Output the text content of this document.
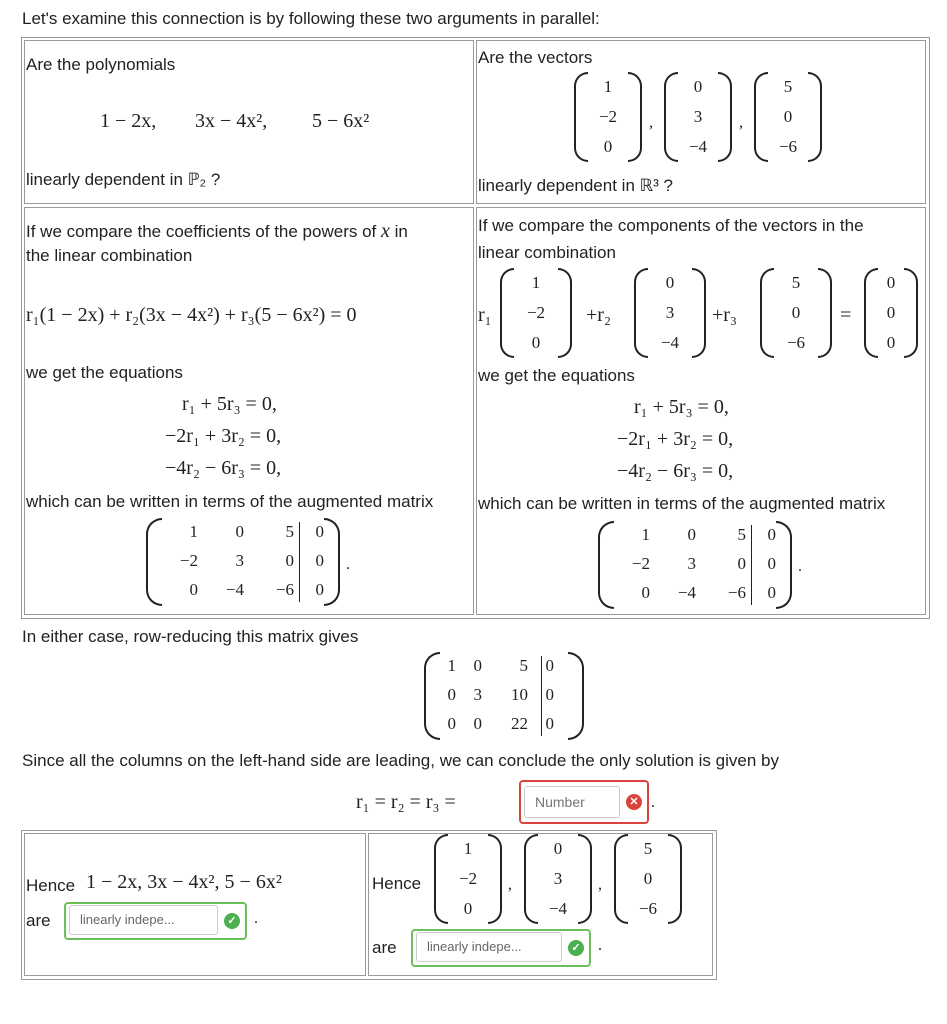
Let's examine this connection is by following these two arguments in parallel:
Are the polynomials
1 − 2x, 3x − 4x², 5 − 6x²
linearly dependent in ℙ₂ ?
Are the vectors
1
−2
0
,
0
3
−4
,
5
0
−6
linearly dependent in ℝ³ ?
If we compare the coefficients of the powers of x in
the linear combination
r₁(1 − 2x) + r₂(3x − 4x²) + r₃(5 − 6x²) = 0
we get the equations
r₁ + 5r₃ = 0,
−2r₁ + 3r₂ = 0,
−4r₂ − 6r₃ = 0,
which can be written in terms of the augmented matrix
1	0	5	0
−2	3	0	0
0	−4	−6	0
.
If we compare the components of the vectors in the
linear combination
r₁
1
−2
0
+r₂
0
3
−4
+r₃
5
0
−6
=
0
0
0
we get the equations
r₁ + 5r₃ = 0,
−2r₁ + 3r₂ = 0,
−4r₂ − 6r₃ = 0,
which can be written in terms of the augmented matrix
1	0	5	0
−2	3	0	0
0	−4	−6	0
.
In either case, row-reducing this matrix gives
1	0	5	0
0	3	10	0
0	0	22	0
Since all the columns on the left-hand side are leading, we can conclude the only solution is given by
r₁ = r₂ = r₃ =
Number	✕ .
Hence 1 − 2x, 3x − 4x², 5 − 6x²
are	linearly indepe...	✓ .
Hence
1
−2
0
,
0
3
−4
,
5
0
−6
are	linearly indepe...	✓ .
